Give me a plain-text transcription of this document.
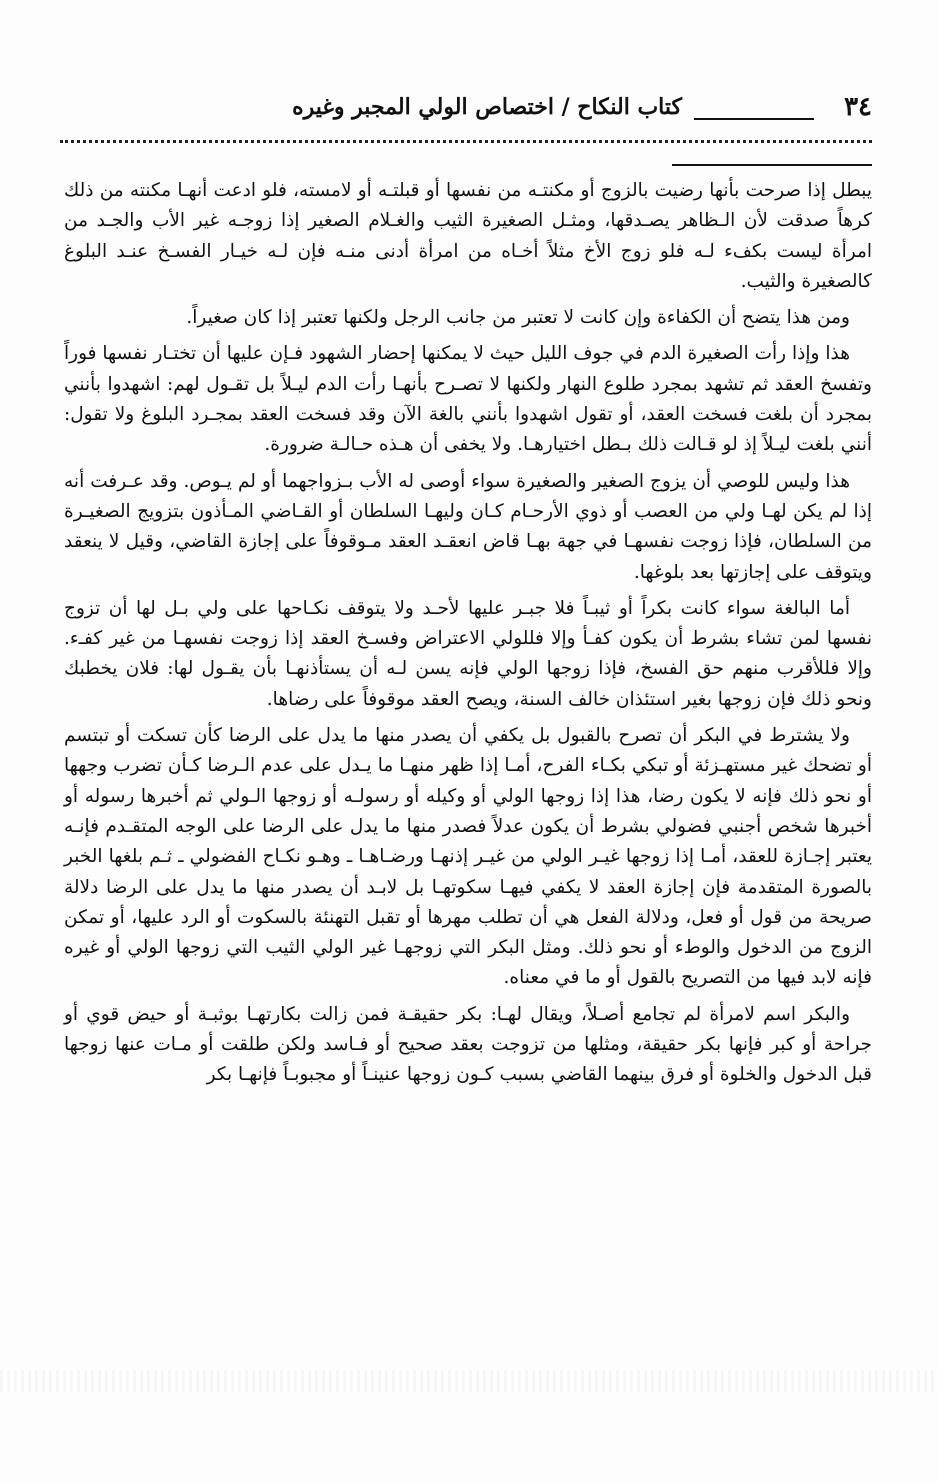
٣٤
كتاب النكاح / اختصاص الولي المجبر وغيره

يبطل إذا صرحت بأنها رضيت بالزوج أو مكنتـه من نفسها أو قبلتـه أو لامسته، فلو ادعت أنهـا مكنته من ذلك كرهاً صدقت لأن الـظاهر يصـدقها، ومثـل الصغيرة الثيب والغـلام الصغير إذا زوجـه غير الأب والجـد من امرأة ليست بكفء لـه فلو زوج الأخ مثلاً أخـاه من امرأة أدنى منـه فإن لـه خيـار الفسـخ عنـد البلوغ كالصغيرة والثيب.

ومن هذا يتضح أن الكفاءة وإن كانت لا تعتبر من جانب الرجل ولكنها تعتبر إذا كان صغيراً.

هذا وإذا رأت الصغيرة الدم في جوف الليل حيث لا يمكنها إحضار الشهود فـإن عليها أن تختـار نفسها فوراً وتفسخ العقد ثم تشهد بمجرد طلوع النهار ولكنها لا تصـرح بأنهـا رأت الدم ليـلاً بل تقـول لهم: اشهدوا بأنني بمجرد أن بلغت فسخت العقد، أو تقول اشهدوا بأنني بالغة الآن وقد فسخت العقد بمجـرد البلوغ ولا تقول: أنني بلغت ليـلاً إذ لو قـالت ذلك بـطل اختيارهـا. ولا يخفى أن هـذه حـالـة ضرورة.

هذا وليس للوصي أن يزوج الصغير والصغيرة سواء أوصى له الأب بـزواجهما أو لم يـوص. وقد عـرفت أنه إذا لم يكن لهـا ولي من العصب أو ذوي الأرحـام كـان وليهـا السلطان أو القـاضي المـأذون بتزويج الصغيـرة من السلطان، فإذا زوجت نفسهـا في جهة بهـا قاض انعقـد العقد مـوقوفاً على إجازة القاضي، وقيل لا ينعقد ويتوقف على إجازتها بعد بلوغها.

أما البالغة سواء كانت بكراً أو ثيبـاً فلا جبـر عليها لأحـد ولا يتوقف نكـاحها على ولي بـل لها أن تزوج نفسها لمن تشاء بشرط أن يكون كفـأ وإلا فللولي الاعتراض وفسـخ العقد إذا زوجت نفسهـا من غير كفـء. وإلا فللأقرب منهم حق الفسخ، فإذا زوجها الولي فإنه يسن لـه أن يستأذنهـا بأن يقـول لها: فلان يخطبك ونحو ذلك فإن زوجها بغير استئذان خالف السنة، ويصح العقد موقوفاً على رضاها.

ولا يشترط في البكر أن تصرح بالقبول بل يكفي أن يصدر منها ما يدل على الرضا كأن تسكت أو تبتسم أو تضحك غير مستهـزئة أو تبكي بكـاء الفرح، أمـا إذا ظهر منهـا ما يـدل على عدم الـرضا كـأن تضرب وجهها أو نحو ذلك فإنه لا يكون رضا، هذا إذا زوجها الولي أو وكيله أو رسولـه أو زوجها الـولي ثم أخبرها رسوله أو أخبرها شخص أجنبي فضولي بشرط أن يكون عدلاً فصدر منها ما يدل على الرضا على الوجه المتقـدم فإنـه يعتبر إجـازة للعقد، أمـا إذا زوجها غيـر الولي من غيـر إذنهـا ورضـاهـا ـ وهـو نكـاح الفضولي ـ ثـم بلغها الخبر بالصورة المتقدمة فإن إجازة العقد لا يكفي فيهـا سكوتهـا بل لابـد أن يصدر منها ما يدل على الرضا دلالة صريحة من قول أو فعل، ودلالة الفعل هي أن تطلب مهرها أو تقبل التهنئة بالسكوت أو الرد عليها، أو تمكن الزوج من الدخول والوطء أو نحو ذلك. ومثل البكر التي زوجهـا غير الولي الثيب التي زوجها الولي أو غيره فإنه لابد فيها من التصريح بالقول أو ما في معناه.

والبكر اسم لامرأة لم تجامع أصـلاً، ويقال لهـا: بكر حقيقـة فمن زالت بكارتهـا بوثبـة أو حيض قوي أو جراحة أو كبر فإنها بكر حقيقة، ومثلها من تزوجت بعقد صحيح أو فـاسد ولكن طلقت أو مـات عنها زوجها قبل الدخول والخلوة أو فرق بينهما القاضي بسبب كـون زوجها عنينـاً أو مجبوبـاً فإنهـا بكر
